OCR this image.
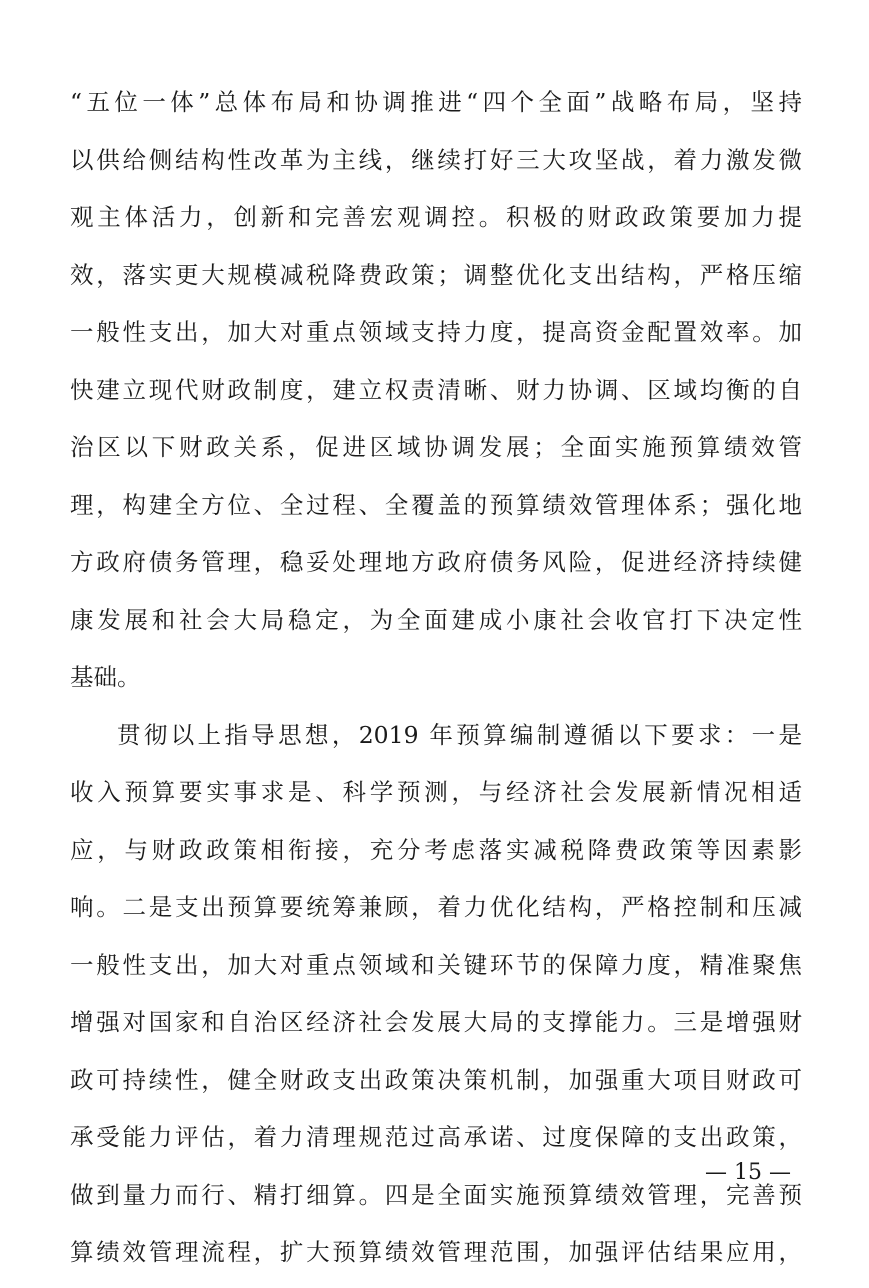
“五位一体”总体布局和协调推进“四个全面”战略布局，坚持
以供给侧结构性改革为主线，继续打好三大攻坚战，着力激发微
观主体活力，创新和完善宏观调控。积极的财政政策要加力提
效，落实更大规模减税降费政策；调整优化支出结构，严格压缩
一般性支出，加大对重点领域支持力度，提高资金配置效率。加
快建立现代财政制度，建立权责清晰、财力协调、区域均衡的自
治区以下财政关系，促进区域协调发展；全面实施预算绩效管
理，构建全方位、全过程、全覆盖的预算绩效管理体系；强化地
方政府债务管理，稳妥处理地方政府债务风险，促进经济持续健
康发展和社会大局稳定，为全面建成小康社会收官打下决定性
基础。
贯彻以上指导思想，2019 年预算编制遵循以下要求：一是
收入预算要实事求是、科学预测，与经济社会发展新情况相适
应，与财政政策相衔接，充分考虑落实减税降费政策等因素影
响。二是支出预算要统筹兼顾，着力优化结构，严格控制和压减
一般性支出，加大对重点领域和关键环节的保障力度，精准聚焦
增强对国家和自治区经济社会发展大局的支撑能力。三是增强财
政可持续性，健全财政支出政策决策机制，加强重大项目财政可
承受能力评估，着力清理规范过高承诺、过度保障的支出政策，
做到量力而行、精打细算。四是全面实施预算绩效管理，完善预
算绩效管理流程，扩大预算绩效管理范围，加强评估结果应用，
— 15 —
